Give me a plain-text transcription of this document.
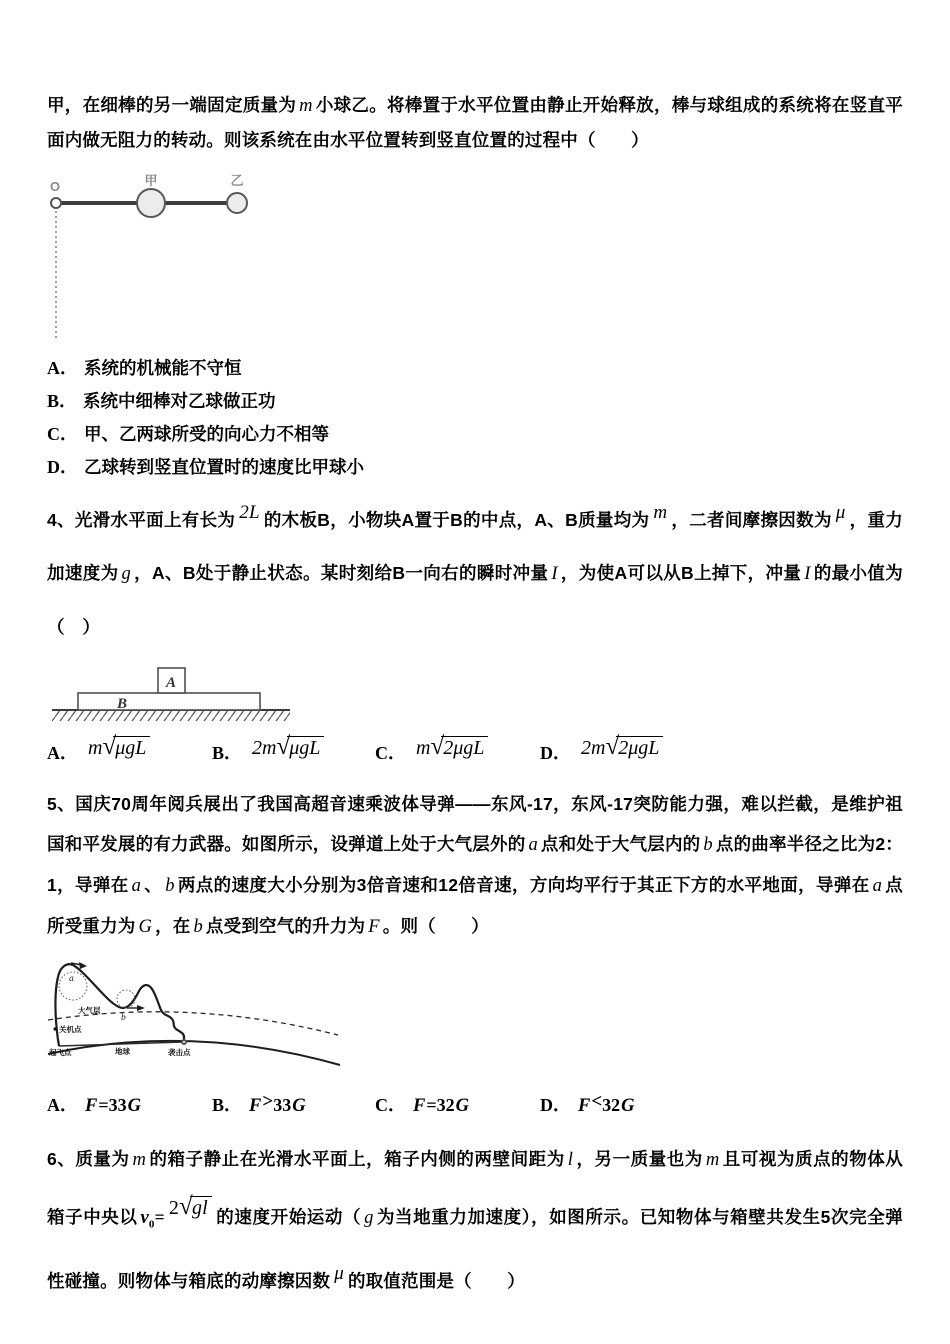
甲，在细棒的另一端固定质量为 m 小球乙。将棒置于水平位置由静止开始释放，棒与球组成的系统将在竖直平面内做无阻力的转动。则该系统在由水平位置转到竖直位置的过程中（　　）

O	甲	乙
A． 系统的机械能不守恒
B． 系统中细棒对乙球做正功
C． 甲、乙两球所受的向心力不相等
D． 乙球转到竖直位置时的速度比甲球小

4、光滑水平面上有长为 2L 的木板B，小物块A置于B的中点，A、B质量均为 m ，二者间摩擦因数为 μ ，重力加速度为 g ，A、B处于静止状态。某时刻给B一向右的瞬时冲量 I ，为使A可以从B上掉下，冲量 I 的最小值为（　）

A
B
A． m√μgL	B． 2m√μgL	C． m√2μgL	D． 2m√2μgL

5、国庆70周年阅兵展出了我国高超音速乘波体导弹——东风-17，东风-17突防能力强，难以拦截，是维护祖国和平发展的有力武器。如图所示，设弹道上处于大气层外的 a 点和处于大气层内的 b 点的曲率半径之比为2：1，导弹在 a 、 b 两点的速度大小分别为3倍音速和12倍音速，方向均平行于其正下方的水平地面，导弹在 a 点所受重力为 G ，在 b 点受到空气的升力为 F 。则（　　）

a
b
大气层
关机点
起飞点	地球	袭击点
A． F=33G	B． F>33G	C． F=32G	D． F<32G

6、质量为 m 的箱子静止在光滑水平面上，箱子内侧的两壁间距为 l ，另一质量也为 m 且可视为质点的物体从箱子中央以 $v_0= 2√gl$ 的速度开始运动（ g 为当地重力加速度），如图所示。已知物体与箱壁共发生5次完全弹性碰撞。则物体与箱底的动摩擦因数 μ 的取值范围是（　　）
